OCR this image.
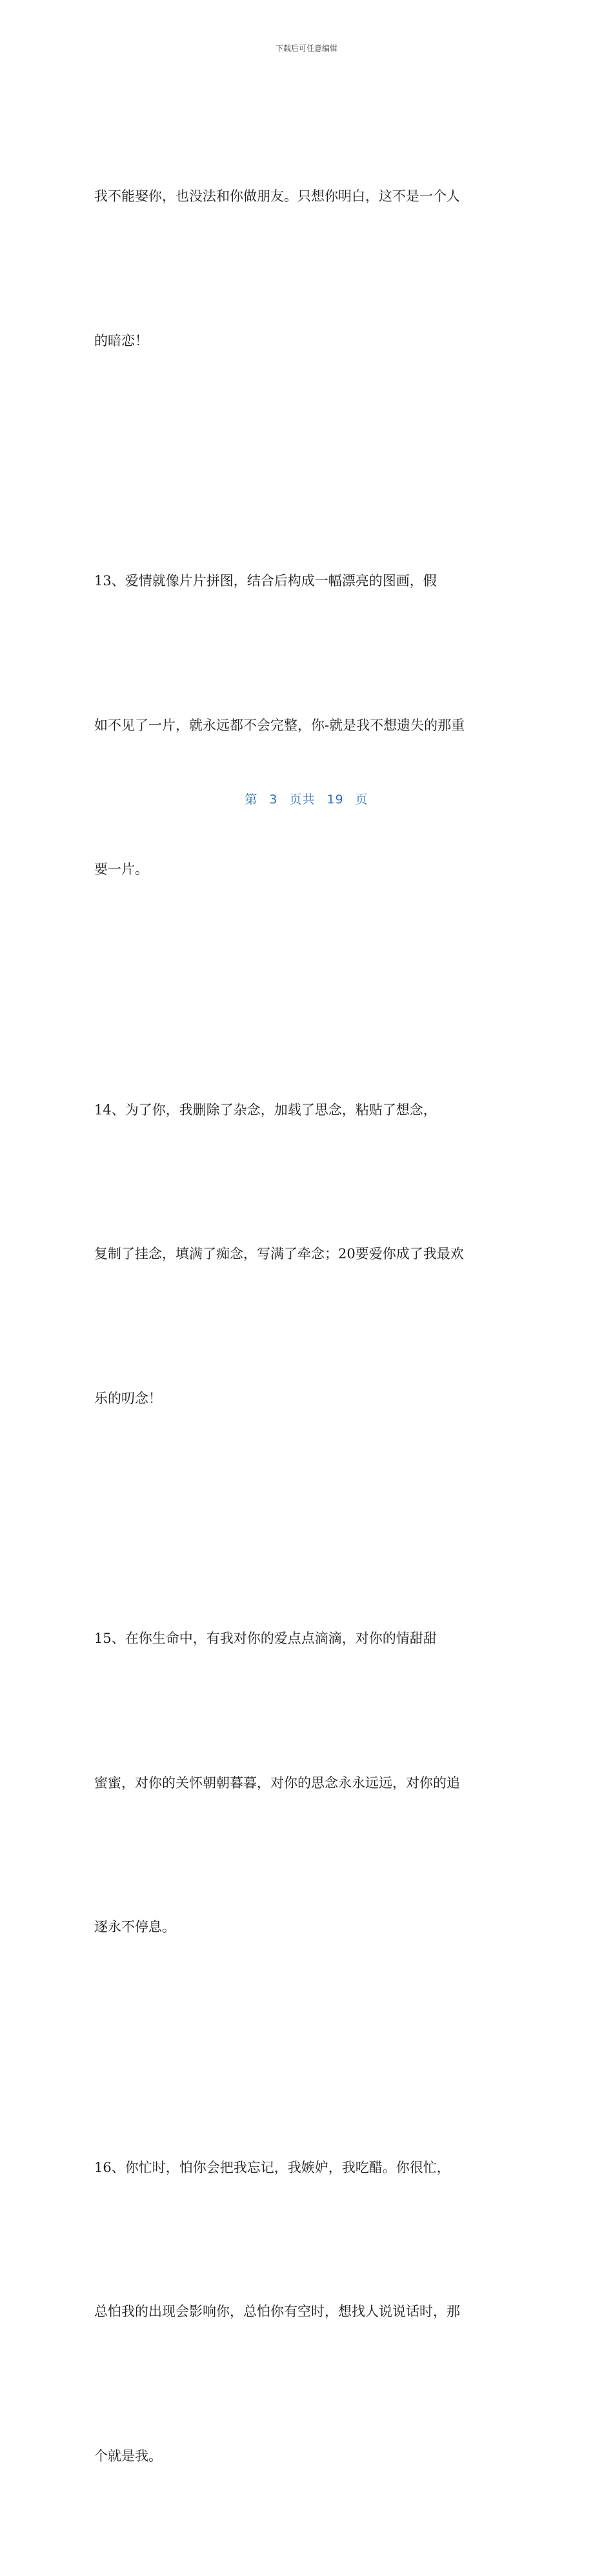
下载后可任意编辑

我不能娶你，也没法和你做朋友。只想你明白，这不是一个人

的暗恋！

13、爱情就像片片拼图，结合后构成一幅漂亮的图画，假

如不见了一片，就永远都不会完整，你-就是我不想遗失的那重

要一片。

14、为了你，我删除了杂念，加载了思念，粘贴了想念，

复制了挂念，填满了痴念，写满了牵念；20要爱你成了我最欢

乐的叨念！

15、在你生命中，有我对你的爱点点滴滴，对你的情甜甜

蜜蜜，对你的关怀朝朝暮暮，对你的思念永永远远，对你的追

逐永不停息。

16、你忙时，怕你会把我忘记，我嫉妒，我吃醋。你很忙，

总怕我的出现会影响你，总怕你有空时，想找人说说话时，那

个就是我。

第 3 页共 19 页
